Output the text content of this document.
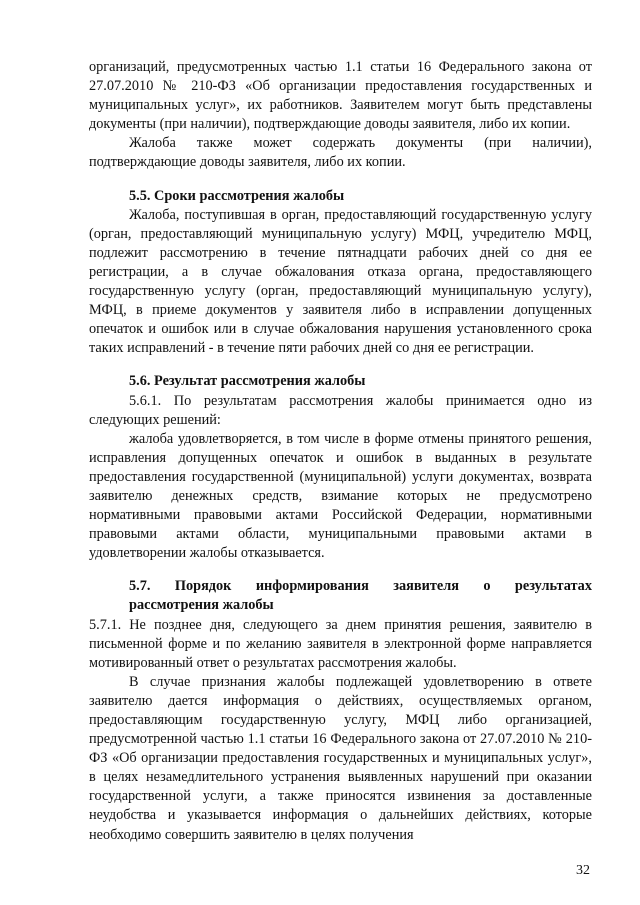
организаций, предусмотренных частью 1.1 статьи 16 Федерального закона от 27.07.2010 № 210-ФЗ «Об организации предоставления государственных и муниципальных услуг», их работников. Заявителем могут быть представлены документы (при наличии), подтверждающие доводы заявителя, либо их копии.

Жалоба также может содержать документы (при наличии), подтверждающие доводы заявителя, либо их копии.

5.5. Сроки рассмотрения жалобы

Жалоба, поступившая в орган, предоставляющий государственную услугу (орган, предоставляющий муниципальную услугу) МФЦ, учредителю МФЦ, подлежит рассмотрению в течение пятнадцати рабочих дней со дня ее регистрации, а в случае обжалования отказа органа, предоставляющего государственную услугу (орган, предоставляющий муниципальную услугу), МФЦ, в приеме документов у заявителя либо в исправлении допущенных опечаток и ошибок или в случае обжалования нарушения установленного срока таких исправлений - в течение пяти рабочих дней со дня ее регистрации.

5.6. Результат рассмотрения жалобы

5.6.1. По результатам рассмотрения жалобы принимается одно из следующих решений:

жалоба удовлетворяется, в том числе в форме отмены принятого решения, исправления допущенных опечаток и ошибок в выданных в результате предоставления государственной (муниципальной) услуги документах, возврата заявителю денежных средств, взимание которых не предусмотрено нормативными правовыми актами Российской Федерации, нормативными правовыми актами области, муниципальными правовыми актами в удовлетворении жалобы отказывается.

5.7. Порядок информирования заявителя о результатах

рассмотрения жалобы

5.7.1. Не позднее дня, следующего за днем принятия решения, заявителю в письменной форме и по желанию заявителя в электронной форме направляется мотивированный ответ о результатах рассмотрения жалобы.

В случае признания жалобы подлежащей удовлетворению в ответе заявителю дается информация о действиях, осуществляемых органом, предоставляющим государственную услугу, МФЦ либо организацией, предусмотренной частью 1.1 статьи 16 Федерального закона от 27.07.2010 № 210-ФЗ «Об организации предоставления государственных и муниципальных услуг», в целях незамедлительного устранения выявленных нарушений при оказании государственной услуги, а также приносятся извинения за доставленные неудобства и указывается информация о дальнейших действиях, которые необходимо совершить заявителю в целях получения

32
